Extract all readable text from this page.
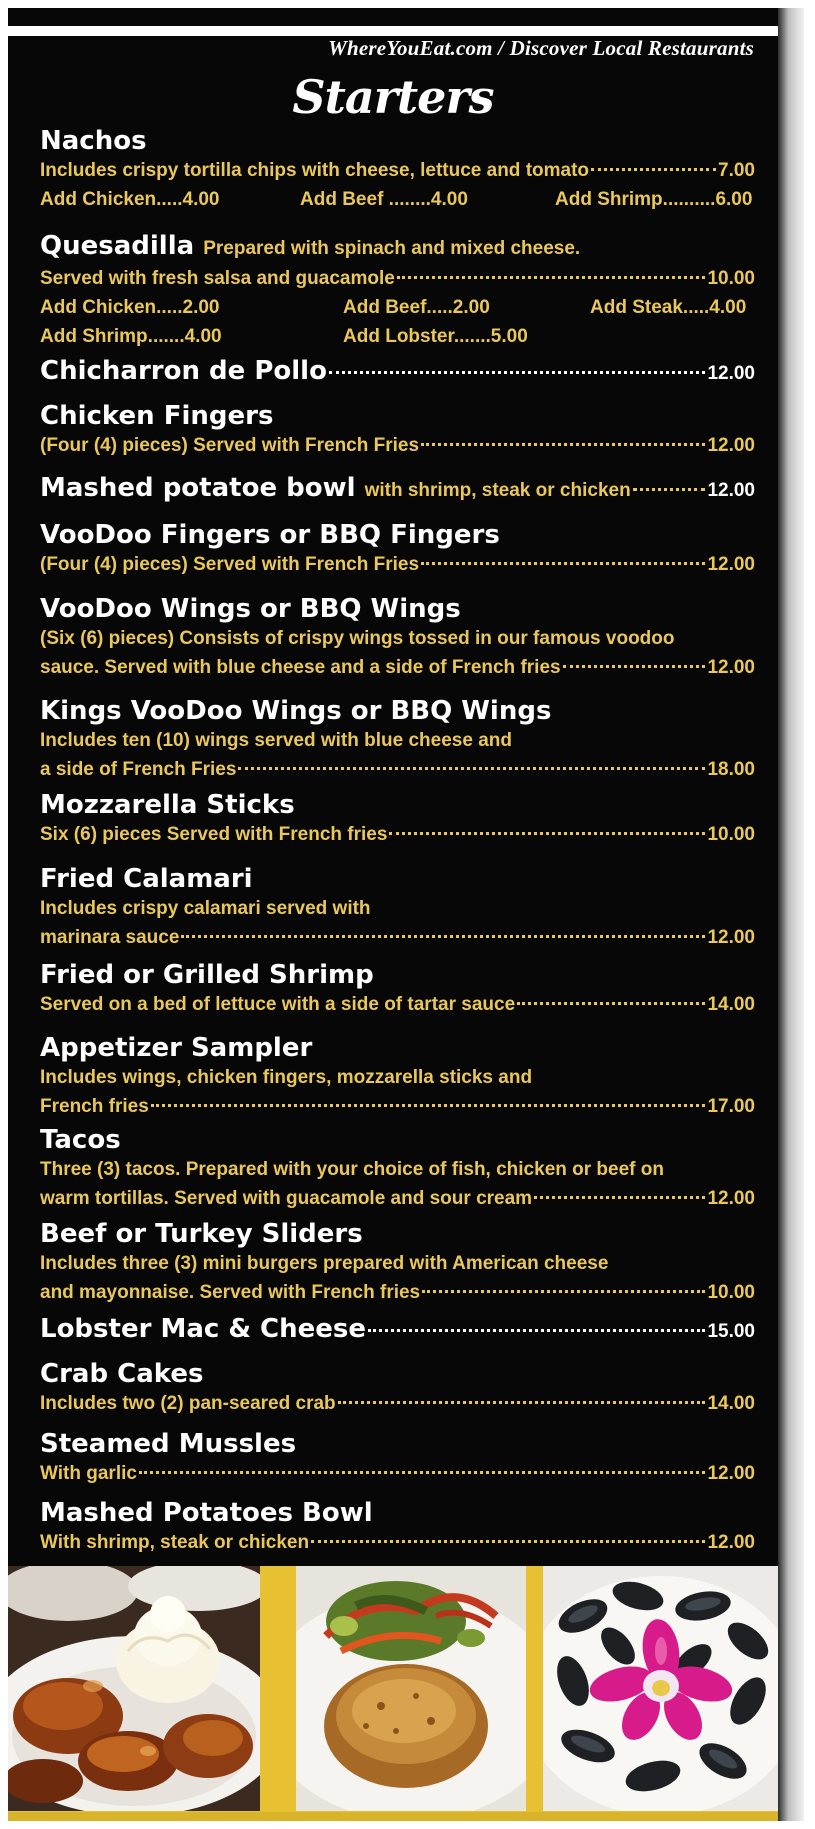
WhereYouEat.com / Discover Local Restaurants
Starters
Nachos
Includes crispy tortilla chips with cheese, lettuce and tomato	7.00
Add Chicken.....4.00	Add Beef ........4.00	Add Shrimp..........6.00
Quesadilla Prepared with spinach and mixed cheese.
Served with fresh salsa and guacamole	10.00
Add Chicken.....2.00	Add Beef.....2.00	Add Steak.....4.00
Add Shrimp.......4.00	Add Lobster.......5.00
Chicharron de Pollo	12.00
Chicken Fingers
(Four (4) pieces) Served with French Fries	12.00
Mashed potatoe bowl
with shrimp, steak or chicken	12.00
VooDoo Fingers or BBQ Fingers
(Four (4) pieces) Served with French Fries	12.00
VooDoo Wings or BBQ Wings
(Six (6) pieces) Consists of crispy wings tossed in our famous voodoo
sauce. Served with blue cheese and a side of French fries	12.00
Kings VooDoo Wings or BBQ Wings
Includes ten (10) wings served with blue cheese and
a side of French Fries	18.00
Mozzarella Sticks
Six (6) pieces Served with French fries	10.00
Fried Calamari
Includes crispy calamari served with
marinara sauce	12.00
Fried or Grilled Shrimp
Served on a bed of lettuce with a side of tartar sauce	14.00
Appetizer Sampler
Includes wings, chicken fingers, mozzarella sticks and
French fries	17.00
Tacos
Three (3) tacos. Prepared with your choice of fish, chicken or beef on
warm tortillas. Served with guacamole and sour cream	12.00
Beef or Turkey Sliders
Includes three (3) mini burgers prepared with American cheese
and mayonnaise. Served with French fries	10.00
Lobster Mac & Cheese	15.00
Crab Cakes
Includes two (2) pan-seared crab	14.00
Steamed Mussles
With garlic	12.00
Mashed Potatoes Bowl
With shrimp, steak or chicken	12.00
